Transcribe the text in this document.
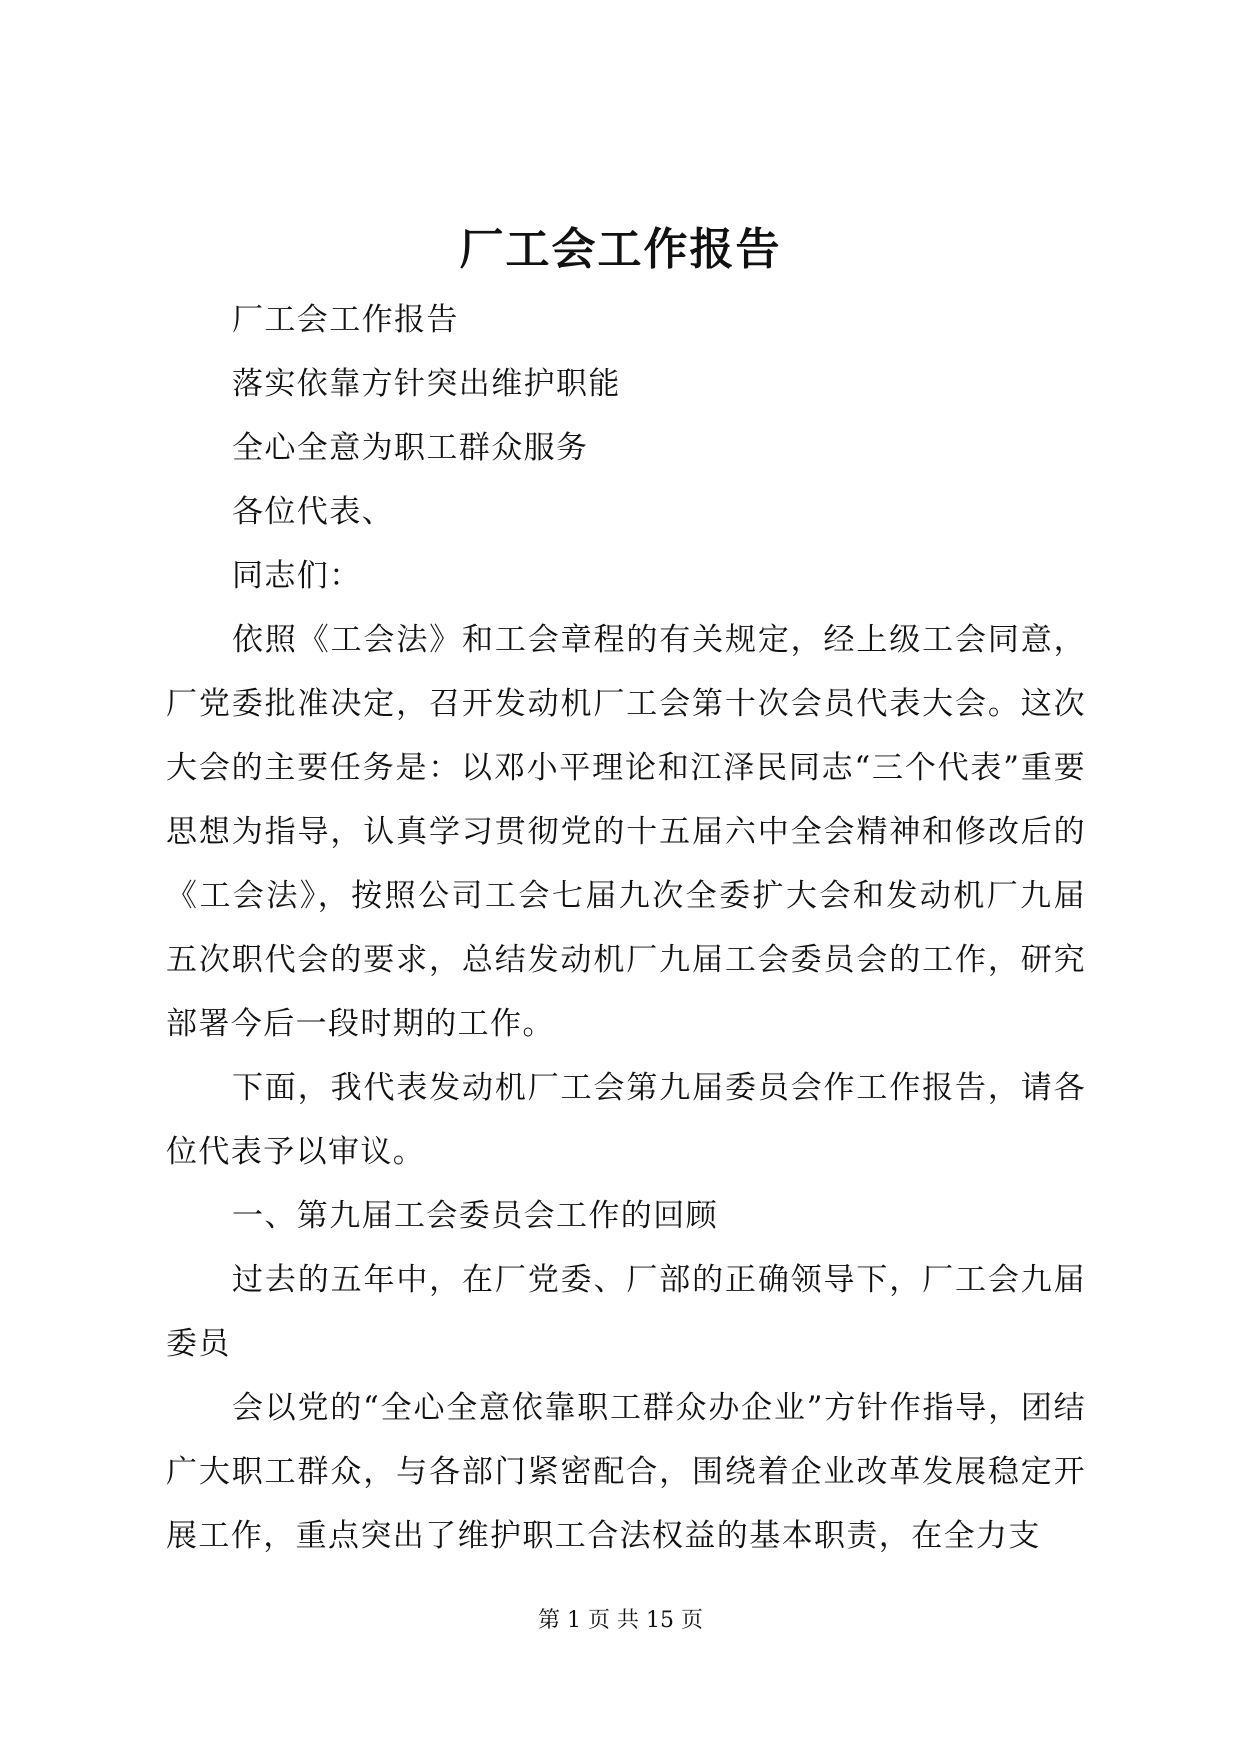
厂工会工作报告

厂工会工作报告

落实依靠方针突出维护职能

全心全意为职工群众服务

各位代表、

同志们：

依照《工会法》和工会章程的有关规定，经上级工会同意，厂党委批准决定，召开发动机厂工会第十次会员代表大会。这次大会的主要任务是：以邓小平理论和江泽民同志“三个代表”重要思想为指导，认真学习贯彻党的十五届六中全会精神和修改后的《工会法》，按照公司工会七届九次全委扩大会和发动机厂九届五次职代会的要求，总结发动机厂九届工会委员会的工作，研究部署今后一段时期的工作。

下面，我代表发动机厂工会第九届委员会作工作报告，请各位代表予以审议。

一、第九届工会委员会工作的回顾

过去的五年中，在厂党委、厂部的正确领导下，厂工会九届委员

会以党的“全心全意依靠职工群众办企业”方针作指导，团结广大职工群众，与各部门紧密配合，围绕着企业改革发展稳定开展工作，重点突出了维护职工合法权益的基本职责，在全力支

第 1 页 共 15 页
